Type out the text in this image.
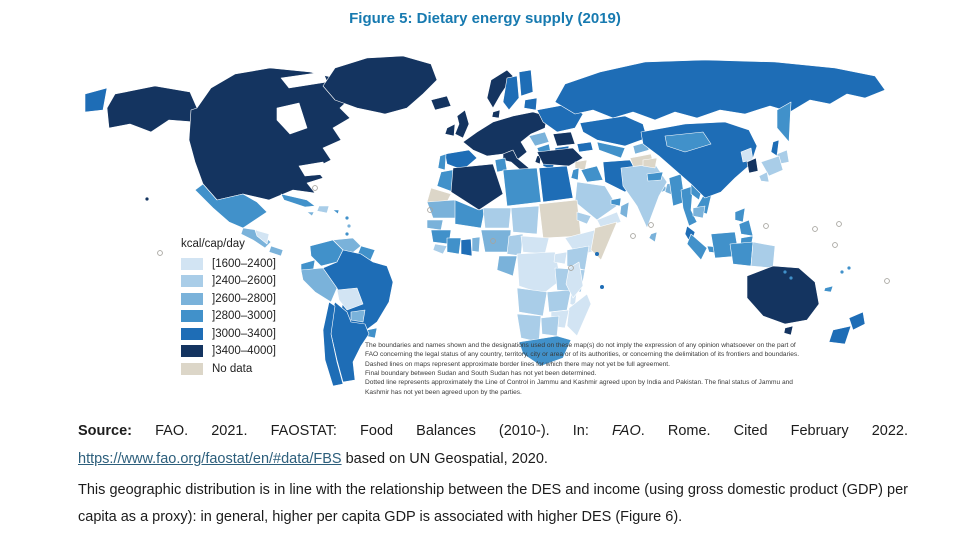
Figure 5: Dietary energy supply (2019)
kcal/cap/day
[1600–2400]
]2400–2600]
]2600–2800]
]2800–3000]
]3000–3400]
]3400–4000]
No data
The boundaries and names shown and the designations used on these map(s) do not imply the expression of any opinion whatsoever on the part of
FAO concerning the legal status of any country, territory, city or area or of its authorities, or concerning the delimitation of its frontiers and boundaries.
Dashed lines on maps represent approximate border lines for which there may not yet be full agreement.
Final boundary between Sudan and South Sudan has not yet been determined.
Dotted line represents approximately the Line of Control in Jammu and Kashmir agreed upon by India and Pakistan. The final status of Jammu and
Kashmir has not yet been agreed upon by the parties.

Source: FAO. 2021. FAOSTAT: Food Balances (2010-). In: FAO. Rome. Cited February 2022. https://www.fao.org/faostat/en/#data/FBS based on UN Geospatial, 2020.

This geographic distribution is in line with the relationship between the DES and income (using gross domestic product (GDP) per capita as a proxy): in general, higher per capita GDP is associated with higher DES (Figure 6).
